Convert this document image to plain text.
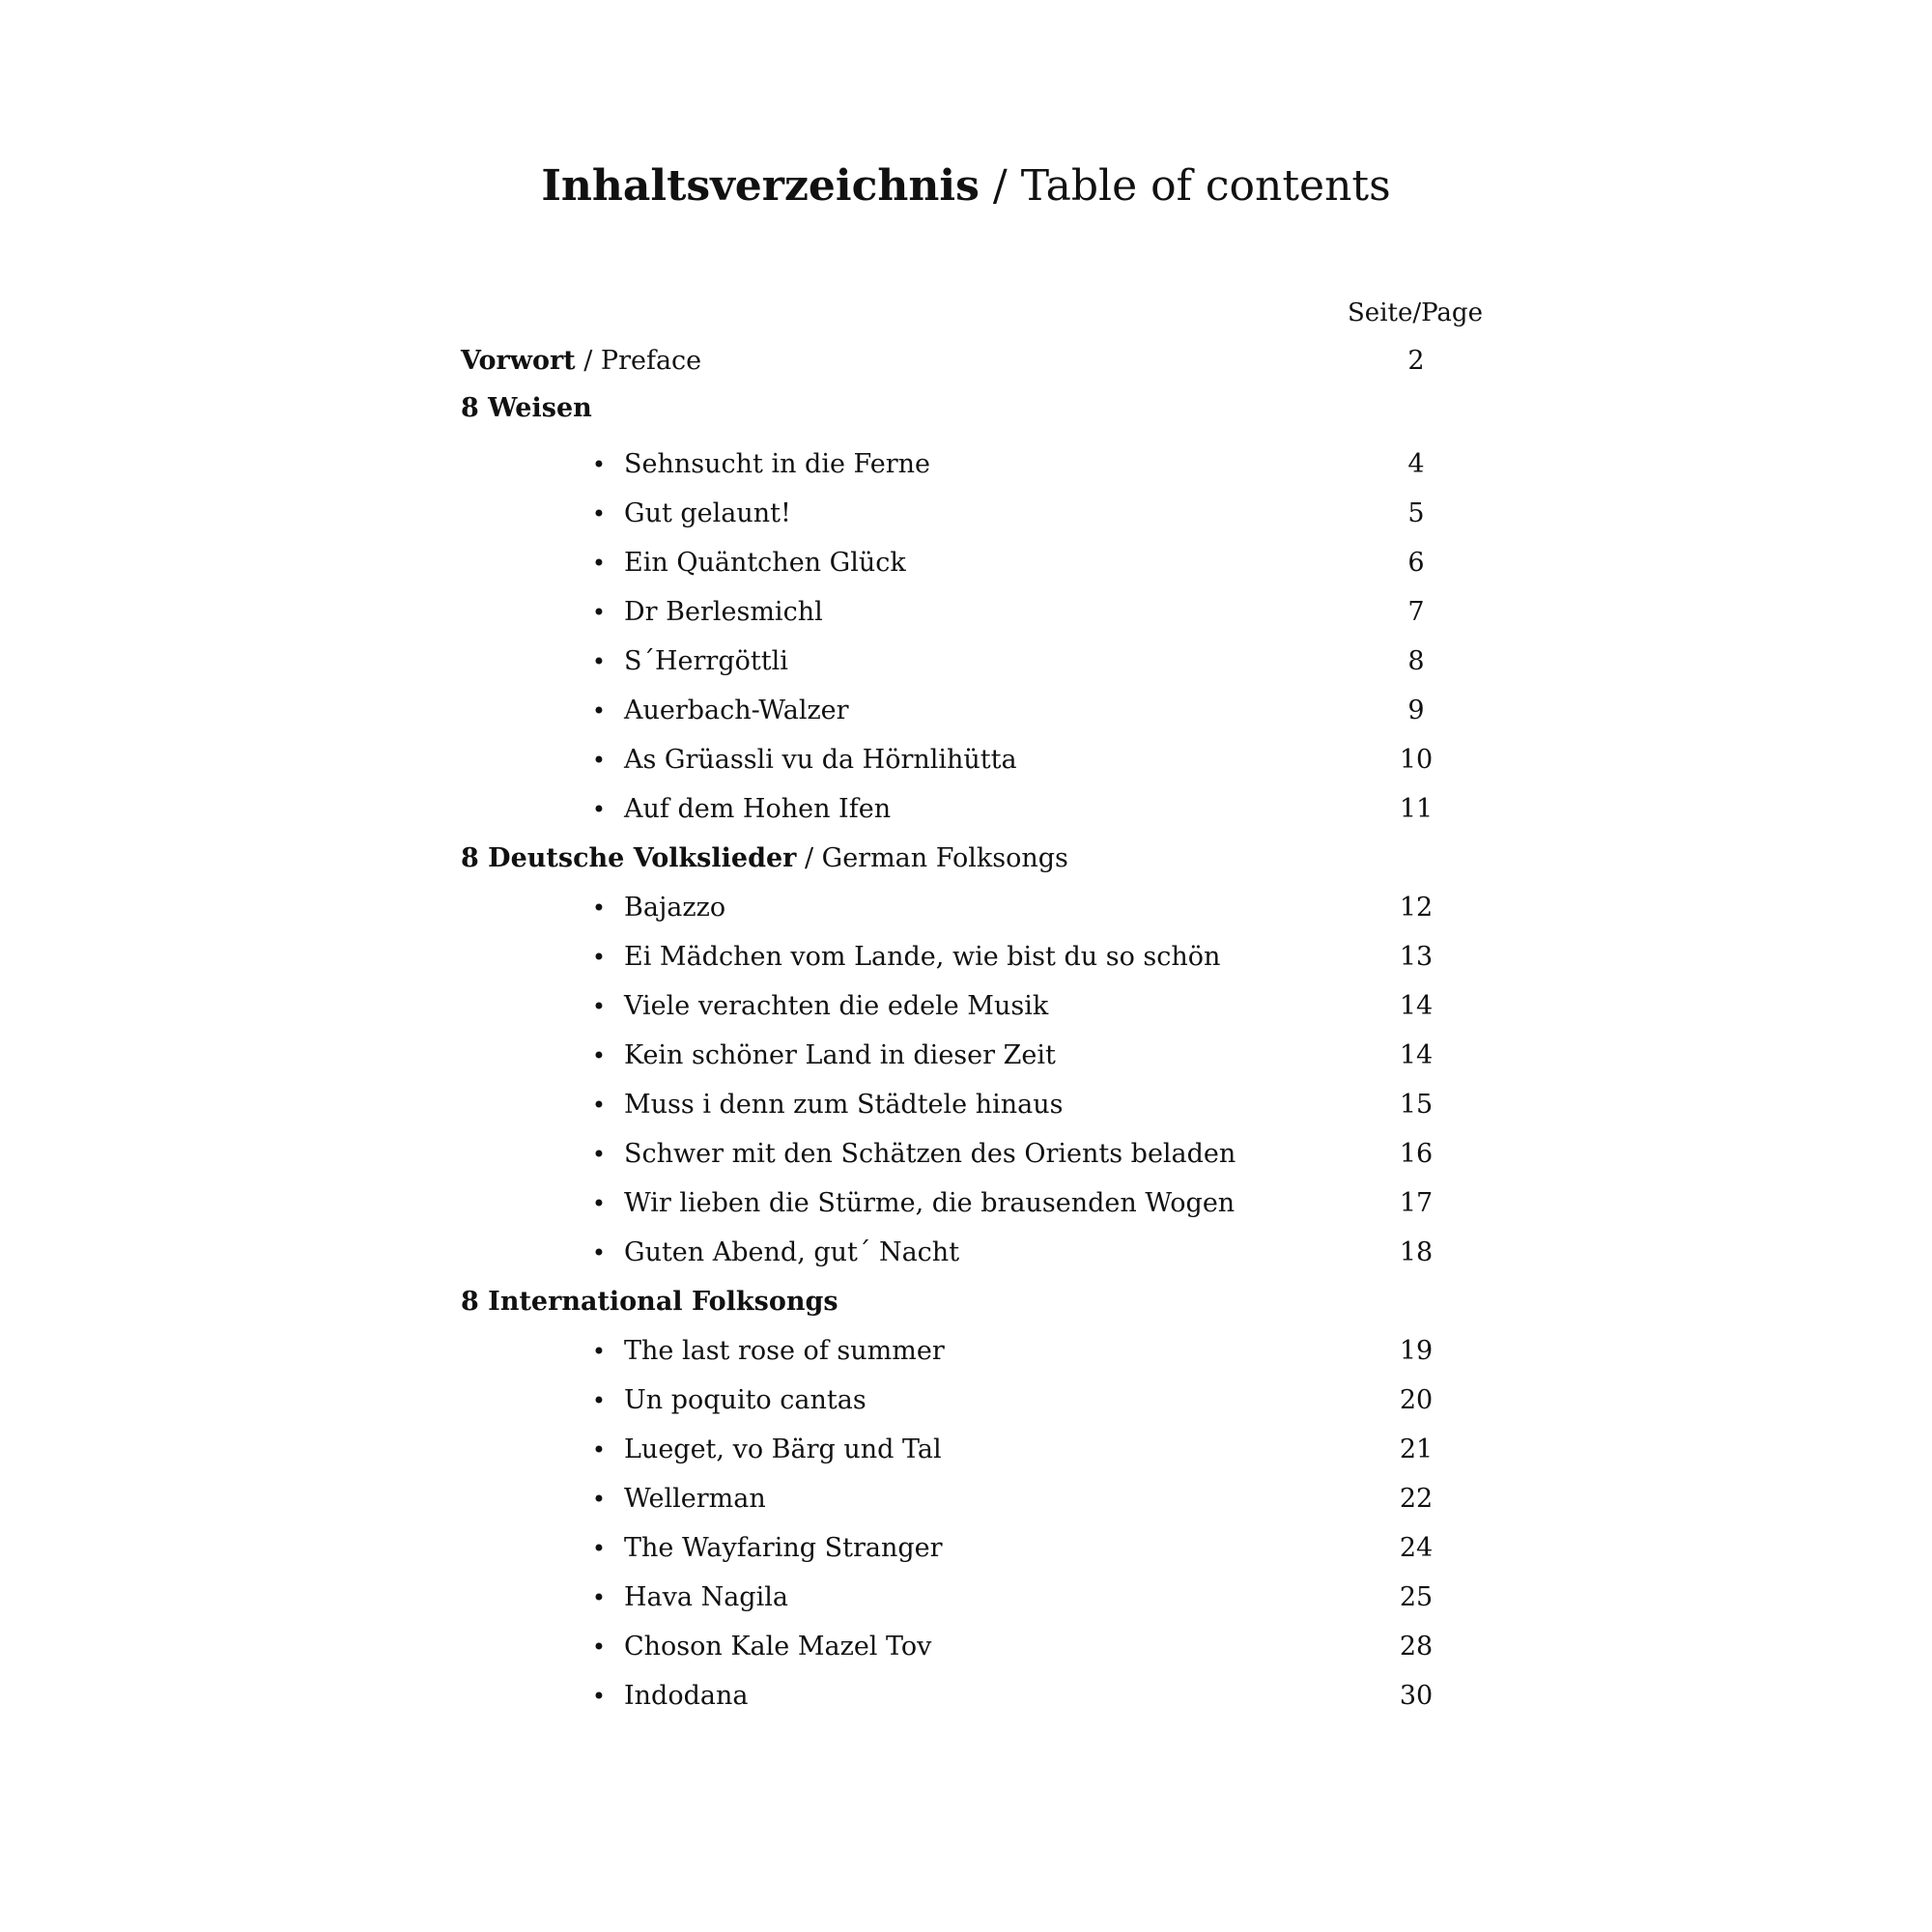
Inhaltsverzeichnis / Table of contents
Seite/Page
Vorwort / Preface	2
8 Weisen
• Sehnsucht in die Ferne	4
• Gut gelaunt!	5
• Ein Quäntchen Glück	6
• Dr Berlesmichl	7
• S´Herrgöttli	8
• Auerbach-Walzer	9
• As Grüassli vu da Hörnlihütta	10
• Auf dem Hohen Ifen	11
8 Deutsche Volkslieder / German Folksongs
• Bajazzo	12
• Ei Mädchen vom Lande, wie bist du so schön	13
• Viele verachten die edele Musik	14
• Kein schöner Land in dieser Zeit	14
• Muss i denn zum Städtele hinaus	15
• Schwer mit den Schätzen des Orients beladen	16
• Wir lieben die Stürme, die brausenden Wogen	17
• Guten Abend, gut´ Nacht	18
8 International Folksongs
• The last rose of summer	19
• Un poquito cantas	20
• Lueget, vo Bärg und Tal	21
• Wellerman	22
• The Wayfaring Stranger	24
• Hava Nagila	25
• Choson Kale Mazel Tov	28
• Indodana	30
